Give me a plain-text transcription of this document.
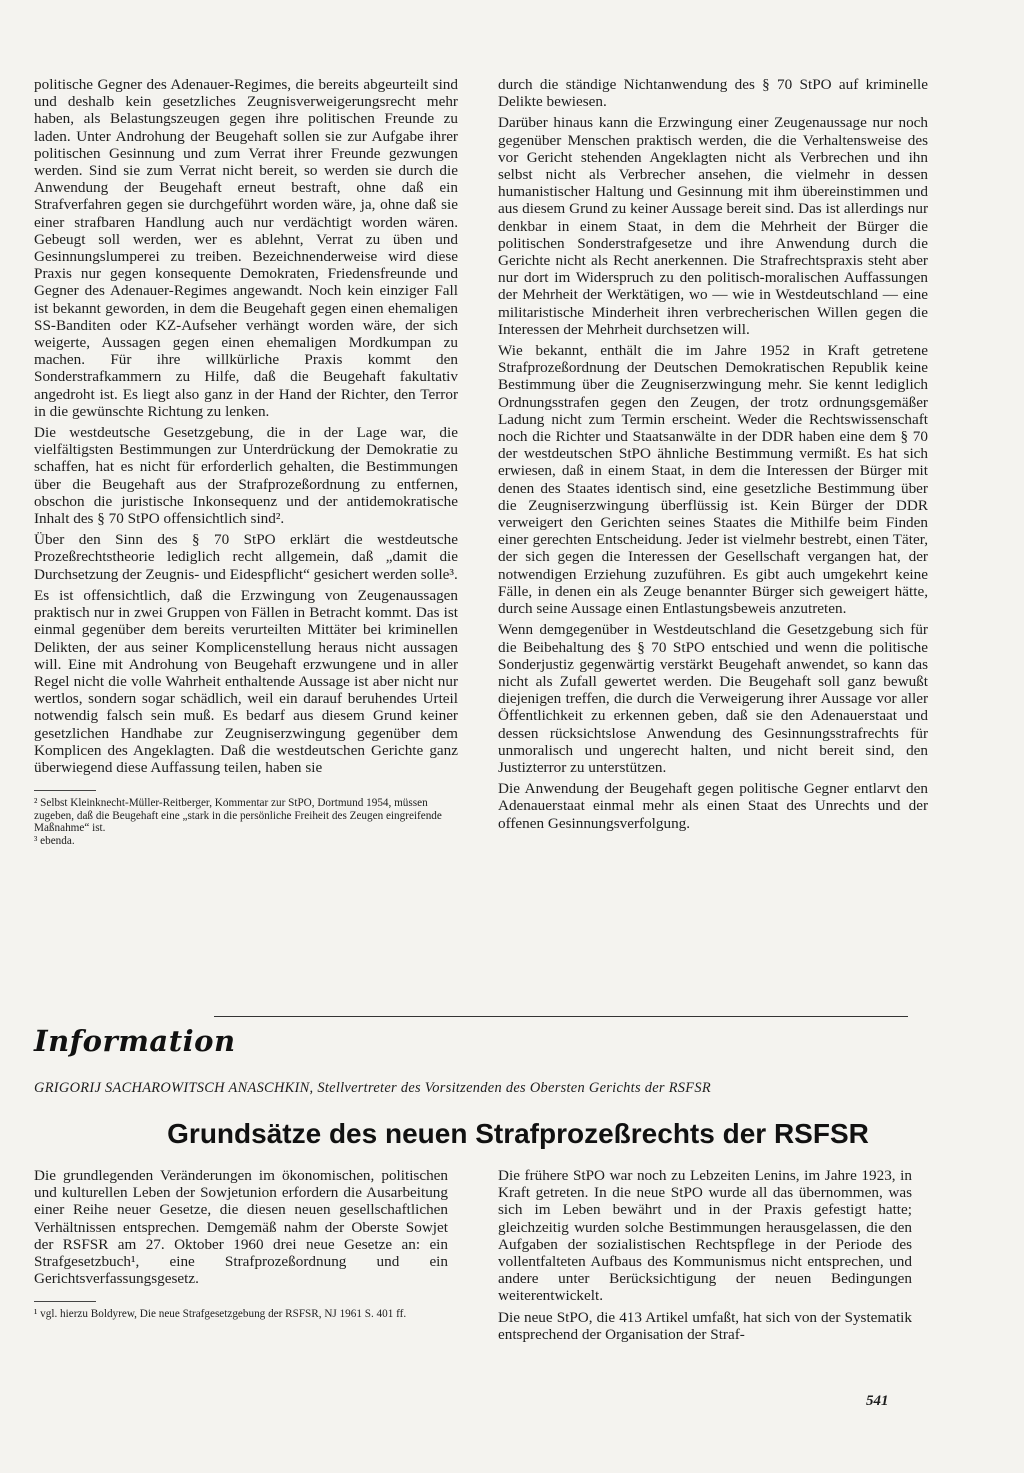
politische Gegner des Adenauer-Regimes, die bereits abgeurteilt sind und deshalb kein gesetzliches Zeugnisverweigerungsrecht mehr haben, als Belastungszeugen gegen ihre politischen Freunde zu laden. Unter Androhung der Beugehaft sollen sie zur Aufgabe ihrer politischen Gesinnung und zum Verrat ihrer Freunde gezwungen werden. Sind sie zum Verrat nicht bereit, so werden sie durch die Anwendung der Beugehaft erneut bestraft, ohne daß ein Strafverfahren gegen sie durchgeführt worden wäre, ja, ohne daß sie einer strafbaren Handlung auch nur verdächtigt worden wären. Gebeugt soll werden, wer es ablehnt, Verrat zu üben und Gesinnungslumperei zu treiben. Bezeichnenderweise wird diese Praxis nur gegen konsequente Demokraten, Friedensfreunde und Gegner des Adenauer-Regimes angewandt. Noch kein einziger Fall ist bekannt geworden, in dem die Beugehaft gegen einen ehemaligen SS-Banditen oder KZ-Aufseher verhängt worden wäre, der sich weigerte, Aussagen gegen einen ehemaligen Mordkumpan zu machen. Für ihre willkürliche Praxis kommt den Sonderstrafkammern zu Hilfe, daß die Beugehaft fakultativ angedroht ist. Es liegt also ganz in der Hand der Richter, den Terror in die gewünschte Richtung zu lenken.

Die westdeutsche Gesetzgebung, die in der Lage war, die vielfältigsten Bestimmungen zur Unterdrückung der Demokratie zu schaffen, hat es nicht für erforderlich gehalten, die Bestimmungen über die Beugehaft aus der Strafprozeßordnung zu entfernen, obschon die juristische Inkonsequenz und der antidemokratische Inhalt des § 70 StPO offensichtlich sind².

Über den Sinn des § 70 StPO erklärt die westdeutsche Prozeßrechtstheorie lediglich recht allgemein, daß „damit die Durchsetzung der Zeugnis- und Eidespflicht“ gesichert werden solle³.

Es ist offensichtlich, daß die Erzwingung von Zeugenaussagen praktisch nur in zwei Gruppen von Fällen in Betracht kommt. Das ist einmal gegenüber dem bereits verurteilten Mittäter bei kriminellen Delikten, der aus seiner Komplicenstellung heraus nicht aussagen will. Eine mit Androhung von Beugehaft erzwungene und in aller Regel nicht die volle Wahrheit enthaltende Aussage ist aber nicht nur wertlos, sondern sogar schädlich, weil ein darauf beruhendes Urteil notwendig falsch sein muß. Es bedarf aus diesem Grund keiner gesetzlichen Handhabe zur Zeugniserzwingung gegenüber dem Komplicen des Angeklagten. Daß die westdeutschen Gerichte ganz überwiegend diese Auffassung teilen, haben sie

² Selbst Kleinknecht-Müller-Reitberger, Kommentar zur StPO, Dortmund 1954, müssen zugeben, daß die Beugehaft eine „stark in die persönliche Freiheit des Zeugen eingreifende Maßnahme“ ist.

³ ebenda.

durch die ständige Nichtanwendung des § 70 StPO auf kriminelle Delikte bewiesen.

Darüber hinaus kann die Erzwingung einer Zeugenaussage nur noch gegenüber Menschen praktisch werden, die die Verhaltensweise des vor Gericht stehenden Angeklagten nicht als Verbrechen und ihn selbst nicht als Verbrecher ansehen, die vielmehr in dessen humanistischer Haltung und Gesinnung mit ihm übereinstimmen und aus diesem Grund zu keiner Aussage bereit sind. Das ist allerdings nur denkbar in einem Staat, in dem die Mehrheit der Bürger die politischen Sonderstrafgesetze und ihre Anwendung durch die Gerichte nicht als Recht anerkennen. Die Strafrechtspraxis steht aber nur dort im Widerspruch zu den politisch-moralischen Auffassungen der Mehrheit der Werktätigen, wo — wie in Westdeutschland — eine militaristische Minderheit ihren verbrecherischen Willen gegen die Interessen der Mehrheit durchsetzen will.

Wie bekannt, enthält die im Jahre 1952 in Kraft getretene Strafprozeßordnung der Deutschen Demokratischen Republik keine Bestimmung über die Zeugniserzwingung mehr. Sie kennt lediglich Ordnungsstrafen gegen den Zeugen, der trotz ordnungsgemäßer Ladung nicht zum Termin erscheint. Weder die Rechtswissenschaft noch die Richter und Staatsanwälte in der DDR haben eine dem § 70 der westdeutschen StPO ähnliche Bestimmung vermißt. Es hat sich erwiesen, daß in einem Staat, in dem die Interessen der Bürger mit denen des Staates identisch sind, eine gesetzliche Bestimmung über die Zeugniserzwingung überflüssig ist. Kein Bürger der DDR verweigert den Gerichten seines Staates die Mithilfe beim Finden einer gerechten Entscheidung. Jeder ist vielmehr bestrebt, einen Täter, der sich gegen die Interessen der Gesellschaft vergangen hat, der notwendigen Erziehung zuzuführen. Es gibt auch umgekehrt keine Fälle, in denen ein als Zeuge benannter Bürger sich geweigert hätte, durch seine Aussage einen Entlastungsbeweis anzutreten.

Wenn demgegenüber in Westdeutschland die Gesetzgebung sich für die Beibehaltung des § 70 StPO entschied und wenn die politische Sonderjustiz gegenwärtig verstärkt Beugehaft anwendet, so kann das nicht als Zufall gewertet werden. Die Beugehaft soll ganz bewußt diejenigen treffen, die durch die Verweigerung ihrer Aussage vor aller Öffentlichkeit zu erkennen geben, daß sie den Adenauerstaat und dessen rücksichtslose Anwendung des Gesinnungsstrafrechts für unmoralisch und ungerecht halten, und nicht bereit sind, den Justizterror zu unterstützen.

Die Anwendung der Beugehaft gegen politische Gegner entlarvt den Adenauerstaat einmal mehr als einen Staat des Unrechts und der offenen Gesinnungsverfolgung.

Information
GRIGORIJ SACHAROWITSCH ANASCHKIN, Stellvertreter des Vorsitzenden des Obersten Gerichts der RSFSR
Grundsätze des neuen Strafprozeßrechts der RSFSR

Die grundlegenden Veränderungen im ökonomischen, politischen und kulturellen Leben der Sowjetunion erfordern die Ausarbeitung einer Reihe neuer Gesetze, die diesen neuen gesellschaftlichen Verhältnissen entsprechen. Demgemäß nahm der Oberste Sowjet der RSFSR am 27. Oktober 1960 drei neue Gesetze an: ein Strafgesetzbuch¹, eine Strafprozeßordnung und ein Gerichtsverfassungsgesetz.

¹ vgl. hierzu Boldyrew, Die neue Strafgesetzgebung der RSFSR, NJ 1961 S. 401 ff.

Die frühere StPO war noch zu Lebzeiten Lenins, im Jahre 1923, in Kraft getreten. In die neue StPO wurde all das übernommen, was sich im Leben bewährt und in der Praxis gefestigt hatte; gleichzeitig wurden solche Bestimmungen herausgelassen, die den Aufgaben der sozialistischen Rechtspflege in der Periode des vollentfalteten Aufbaus des Kommunismus nicht entsprechen, und andere unter Berücksichtigung der neuen Bedingungen weiterentwickelt.

Die neue StPO, die 413 Artikel umfaßt, hat sich von der Systematik entsprechend der Organisation der Straf-

541
